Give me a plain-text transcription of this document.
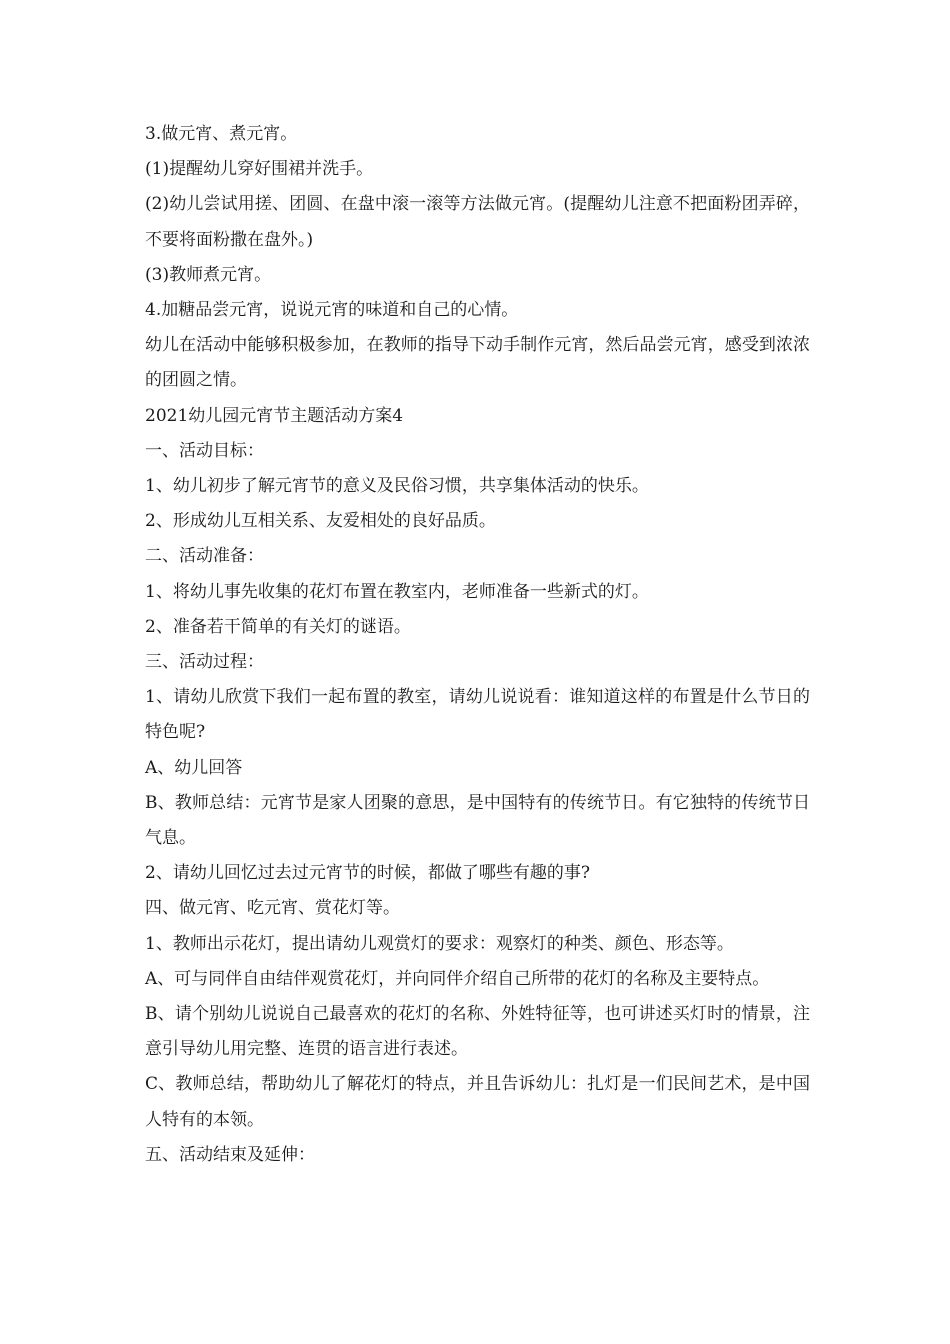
3.做元宵、煮元宵。

(1)提醒幼儿穿好围裙并洗手。

(2)幼儿尝试用搓、团圆、在盘中滚一滚等方法做元宵。(提醒幼儿注意不把面粉团弄碎，不要将面粉撒在盘外。)

(3)教师煮元宵。

4.加糖品尝元宵，说说元宵的味道和自己的心情。

幼儿在活动中能够积极参加，在教师的指导下动手制作元宵，然后品尝元宵，感受到浓浓的团圆之情。

2021幼儿园元宵节主题活动方案4

一、活动目标：

1、幼儿初步了解元宵节的意义及民俗习惯，共享集体活动的快乐。

2、形成幼儿互相关系、友爱相处的良好品质。

二、活动准备：

1、将幼儿事先收集的花灯布置在教室内，老师准备一些新式的灯。

2、准备若干简单的有关灯的谜语。

三、活动过程：

1、请幼儿欣赏下我们一起布置的教室，请幼儿说说看：谁知道这样的布置是什么节日的特色呢?

A、幼儿回答

B、教师总结：元宵节是家人团聚的意思，是中国特有的传统节日。有它独特的传统节日气息。

2、请幼儿回忆过去过元宵节的时候，都做了哪些有趣的事?

四、做元宵、吃元宵、赏花灯等。

1、教师出示花灯，提出请幼儿观赏灯的要求：观察灯的种类、颜色、形态等。

A、可与同伴自由结伴观赏花灯，并向同伴介绍自己所带的花灯的名称及主要特点。

B、请个别幼儿说说自己最喜欢的花灯的名称、外姓特征等，也可讲述买灯时的情景，注意引导幼儿用完整、连贯的语言进行表述。

C、教师总结，帮助幼儿了解花灯的特点，并且告诉幼儿：扎灯是一们民间艺术，是中国人特有的本领。

五、活动结束及延伸：
